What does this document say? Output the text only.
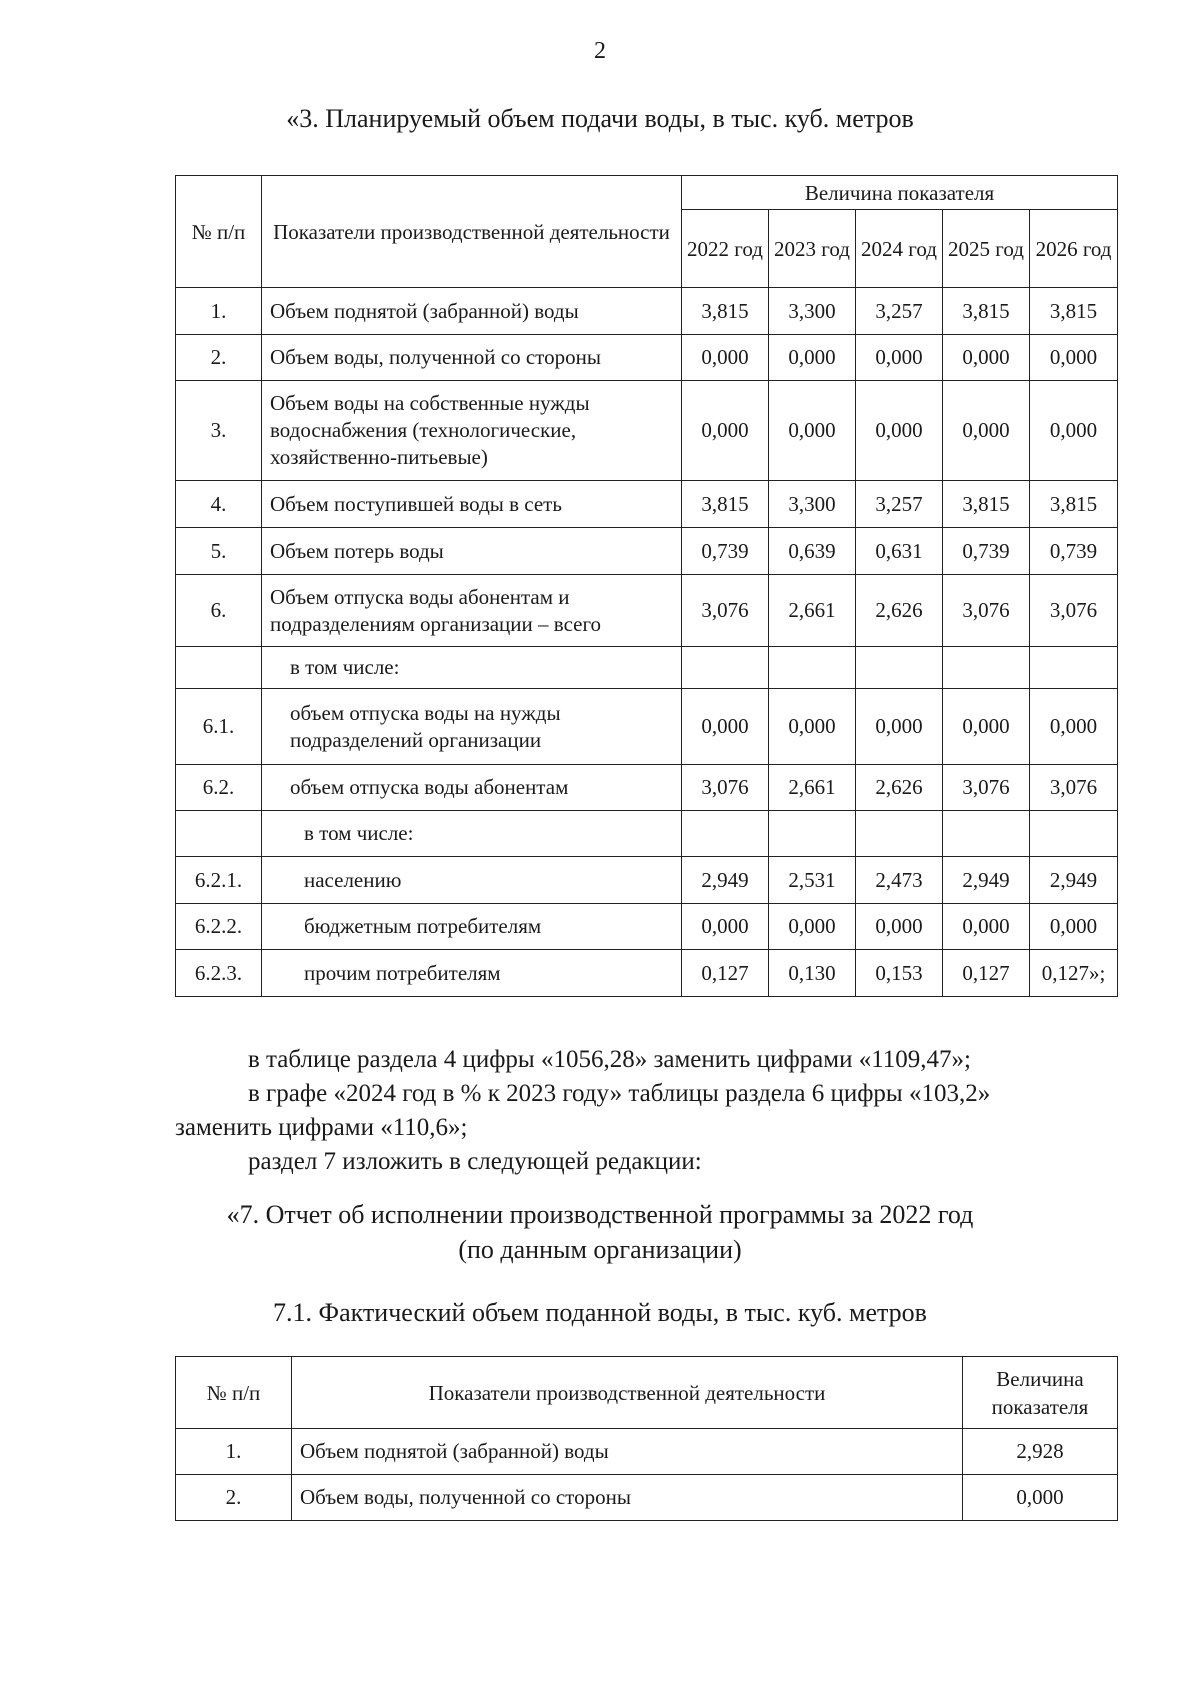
2
«3. Планируемый объем подачи воды, в тыс. куб. метров
№ п/п	Показатели производственной деятельности	Величина показателя				
		2022 год	2023 год	2024 год	2025 год	2026 год
1.	Объем поднятой (забранной) воды	3,815	3,300	3,257	3,815	3,815
2.	Объем воды, полученной со стороны	0,000	0,000	0,000	0,000	0,000
3.	Объем воды на собственные нужды водоснабжения (технологические, хозяйственно-питьевые)	0,000	0,000	0,000	0,000	0,000
4.	Объем поступившей воды в сеть	3,815	3,300	3,257	3,815	3,815
5.	Объем потерь воды	0,739	0,639	0,631	0,739	0,739
6.	Объем отпуска воды абонентам и подразделениям организации – всего	3,076	2,661	2,626	3,076	3,076
	в том числе:					
6.1.	объем отпуска воды на нужды подразделений организации	0,000	0,000	0,000	0,000	0,000
6.2.	объем отпуска воды абонентам	3,076	2,661	2,626	3,076	3,076
	в том числе:					
6.2.1.	населению	2,949	2,531	2,473	2,949	2,949
6.2.2.	бюджетным потребителям	0,000	0,000	0,000	0,000	0,000
6.2.3.	прочим потребителям	0,127	0,130	0,153	0,127	0,127»;
в таблице раздела 4 цифры «1056,28» заменить цифрами «1109,47»;
в графе «2024 год в % к 2023 году» таблицы раздела 6 цифры «103,2»
заменить цифрами «110,6»;
раздел 7 изложить в следующей редакции:
«7. Отчет об исполнении производственной программы за 2022 год
(по данным организации)
7.1. Фактический объем поданной воды, в тыс. куб. метров
№ п/п	Показатели производственной деятельности	Величина показателя
1.	Объем поднятой (забранной) воды	2,928
2.	Объем воды, полученной со стороны	0,000
